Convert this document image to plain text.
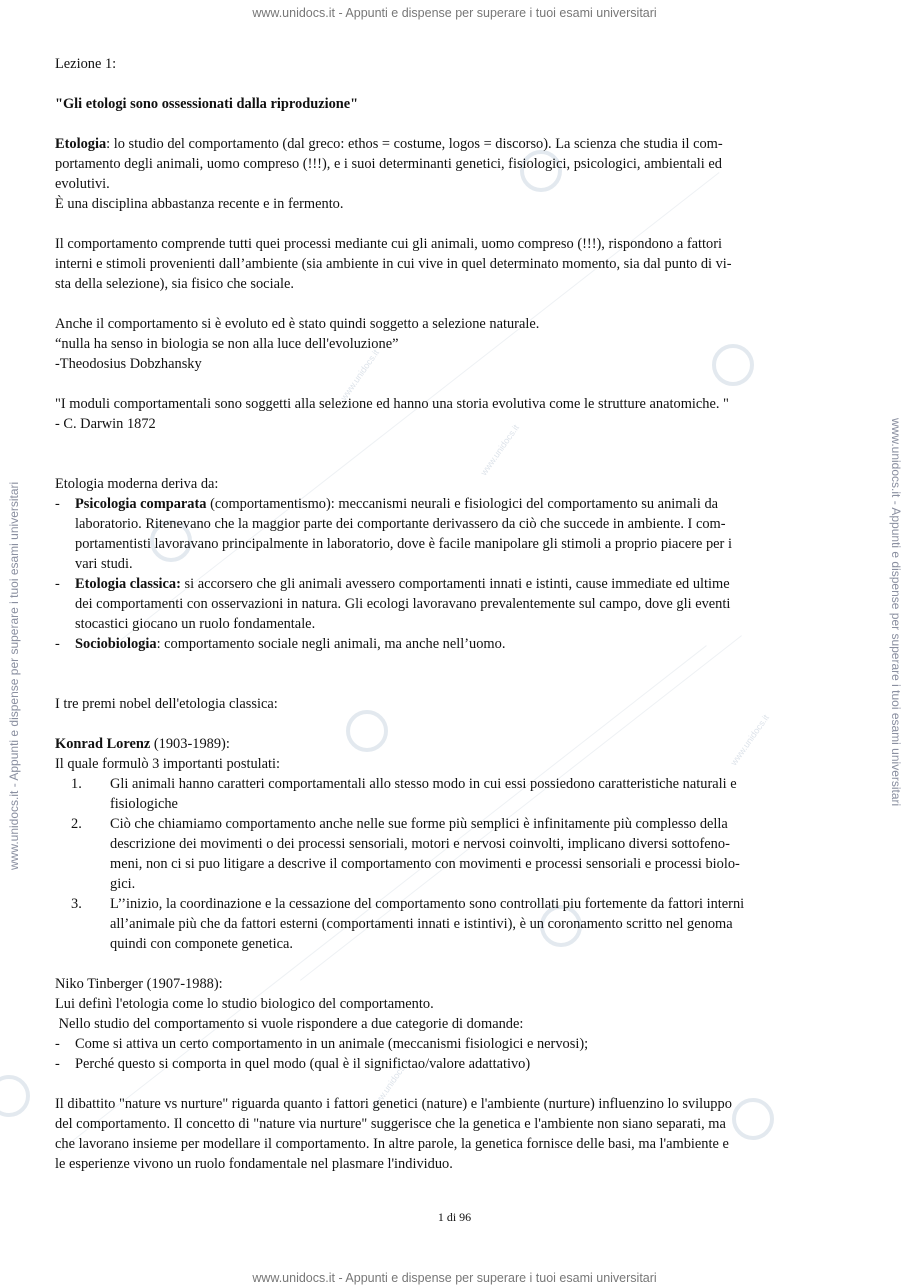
www.unidocs.it
www.unidocs.it
www.unidocs.it
www.unidocs.it
www.unidocs.it - Appunti e dispense per superare i tuoi esami universitari
www.unidocs.it - Appunti e dispense per superare i tuoi esami universitari	www.unidocs.it - Appunti e dispense per superare i tuoi esami universitari

Lezione 1:

"Gli etologi sono ossessionati dalla riproduzione"

Etologia: lo studio del comportamento (dal greco: ethos = costume, logos = discorso). La scienza che studia il com-

portamento degli animali, uomo compreso (!!!), e i suoi determinanti genetici, fisiologici, psicologici, ambientali ed

evolutivi.

È una disciplina abbastanza recente e in fermento.

Il comportamento comprende tutti quei processi mediante cui gli animali, uomo compreso (!!!), rispondono a fattori

interni e stimoli provenienti dall’ambiente (sia ambiente in cui vive in quel determinato momento, sia dal punto di vi-

sta della selezione), sia fisico che sociale.

Anche il comportamento si è evoluto ed è stato quindi soggetto a selezione naturale.

“nulla ha senso in biologia se non alla luce dell'evoluzione”

-Theodosius Dobzhansky

"I moduli comportamentali sono soggetti alla selezione ed hanno una storia evolutiva come le strutture anatomiche. "

- C. Darwin 1872

Etologia moderna deriva da:

- Psicologia comparata (comportamentismo): meccanismi neurali e fisiologici del comportamento su animali da

laboratorio. Ritenevano che la maggior parte dei comportante derivassero da ciò che succede in ambiente. I com-

portamentisti lavoravano principalmente in laboratorio, dove è facile manipolare gli stimoli a proprio piacere per i

vari studi.

- Etologia classica: si accorsero che gli animali avessero comportamenti innati e istinti, cause immediate ed ultime

dei comportamenti con osservazioni in natura. Gli ecologi lavoravano prevalentemente sul campo, dove gli eventi

stocastici giocano un ruolo fondamentale.

- Sociobiologia: comportamento sociale negli animali, ma anche nell’uomo.

I tre premi nobel dell'etologia classica:

Konrad Lorenz (1903-1989):

Il quale formulò 3 importanti postulati:

1. Gli animali hanno caratteri comportamentali allo stesso modo in cui essi possiedono caratteristiche naturali e

fisiologiche

2. Ciò che chiamiamo comportamento anche nelle sue forme più semplici è infinitamente più complesso della

descrizione dei movimenti o dei processi sensoriali, motori e nervosi coinvolti, implicano diversi sottofeno-

meni, non ci si puo litigare a descrive il comportamento con movimenti e processi sensoriali e processi biolo-

gici.

3. L’’inizio, la coordinazione e la cessazione del comportamento sono controllati piu fortemente da fattori interni

all’animale più che da fattori esterni (comportamenti innati e istintivi), è un coronamento scritto nel genoma

quindi con componete genetica.

Niko Tinberger (1907-1988):

Lui definì l'etologia come lo studio biologico del comportamento.

Nello studio del comportamento si vuole rispondere a due categorie di domande:

- Come si attiva un certo comportamento in un animale (meccanismi fisiologici e nervosi);

- Perché questo si comporta in quel modo (qual è il significtao/valore adattativo)

Il dibattito "nature vs nurture" riguarda quanto i fattori genetici (nature) e l'ambiente (nurture) influenzino lo sviluppo

del comportamento. Il concetto di "nature via nurture" suggerisce che la genetica e l'ambiente non siano separati, ma

che lavorano insieme per modellare il comportamento. In altre parole, la genetica fornisce delle basi, ma l'ambiente e

le esperienze vivono un ruolo fondamentale nel plasmare l'individuo.

1 di 96
www.unidocs.it - Appunti e dispense per superare i tuoi esami universitari
